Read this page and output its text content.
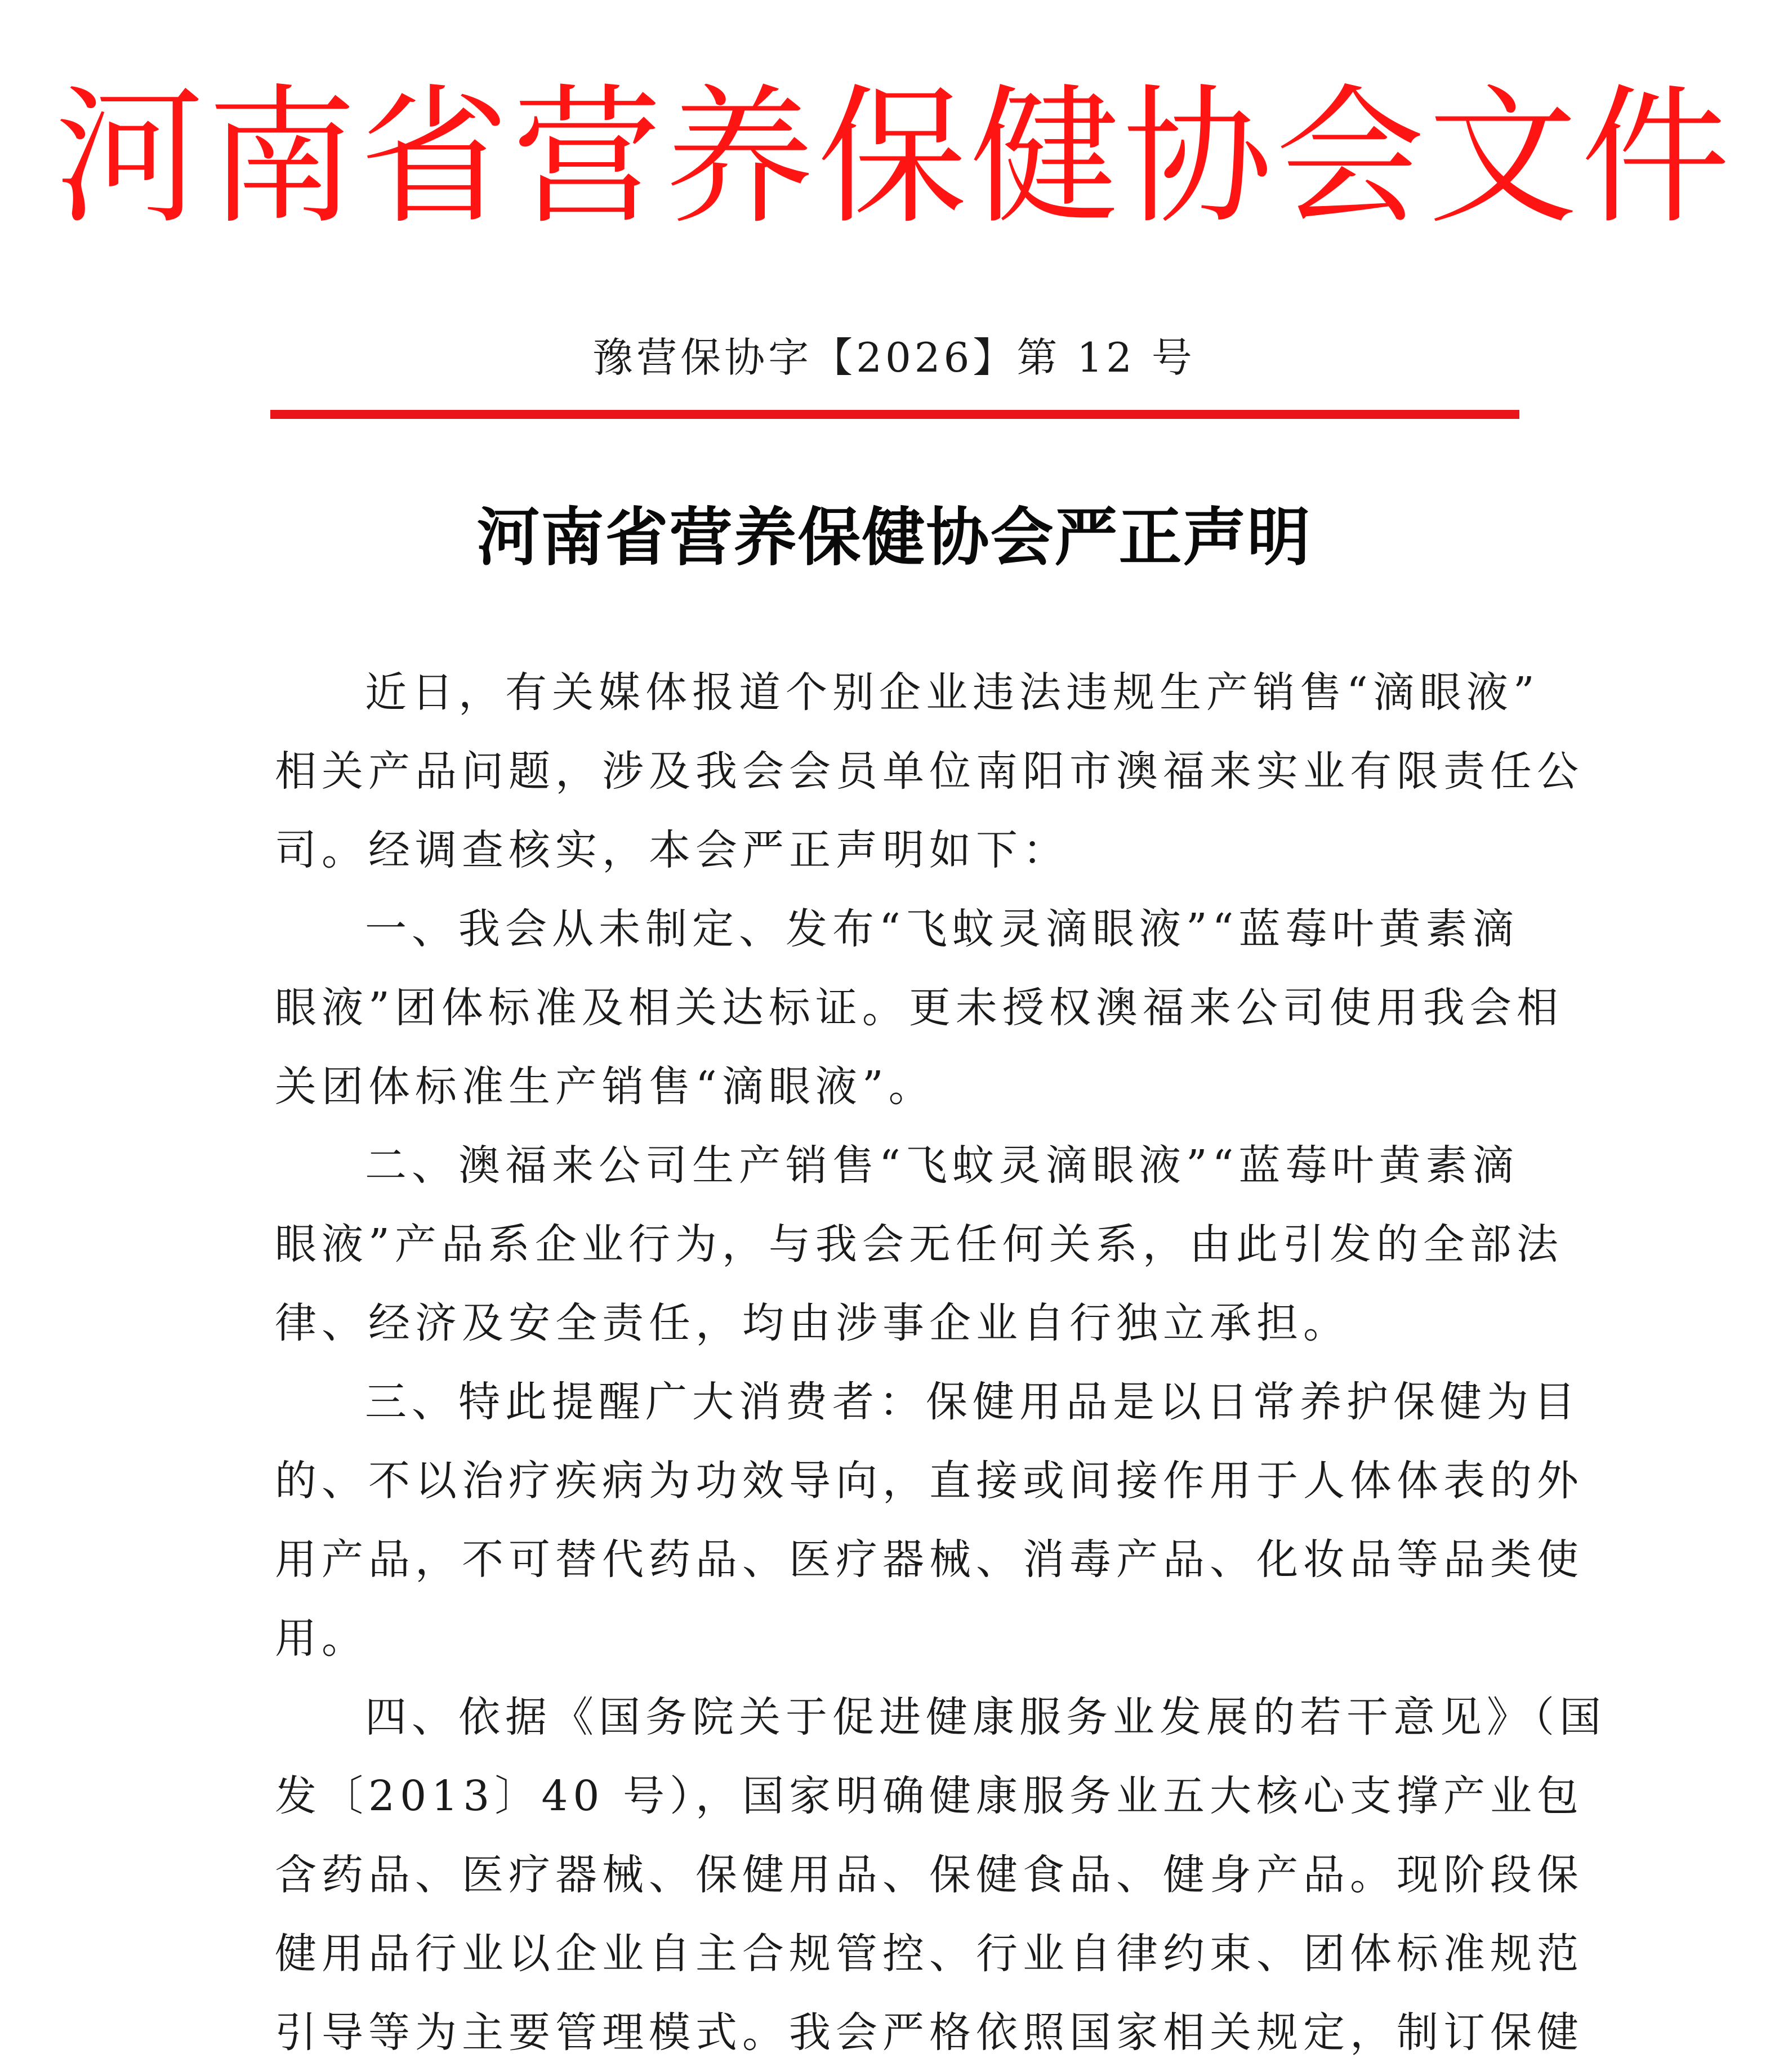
河南省营养保健协会文件
豫营保协字【2026】第 12 号
河南省营养保健协会严正声明
近日，有关媒体报道个别企业违法违规生产销售“滴眼液”
相关产品问题，涉及我会会员单位南阳市澳福来实业有限责任公
司。经调查核实，本会严正声明如下：
一、我会从未制定、发布“飞蚊灵滴眼液”“蓝莓叶黄素滴
眼液”团体标准及相关达标证。更未授权澳福来公司使用我会相
关团体标准生产销售“滴眼液”。
二、澳福来公司生产销售“飞蚊灵滴眼液”“蓝莓叶黄素滴
眼液”产品系企业行为，与我会无任何关系，由此引发的全部法
律、经济及安全责任，均由涉事企业自行独立承担。
三、特此提醒广大消费者：保健用品是以日常养护保健为目
的、不以治疗疾病为功效导向，直接或间接作用于人体体表的外
用产品，不可替代药品、医疗器械、消毒产品、化妆品等品类使
用。
四、依据《国务院关于促进健康服务业发展的若干意见》（国
发〔2013〕40 号），国家明确健康服务业五大核心支撑产业包
含药品、医疗器械、保健用品、保健食品、健身产品。现阶段保
健用品行业以企业自主合规管控、行业自律约束、团体标准规范
引导等为主要管理模式。我会严格依照国家相关规定，制订保健
